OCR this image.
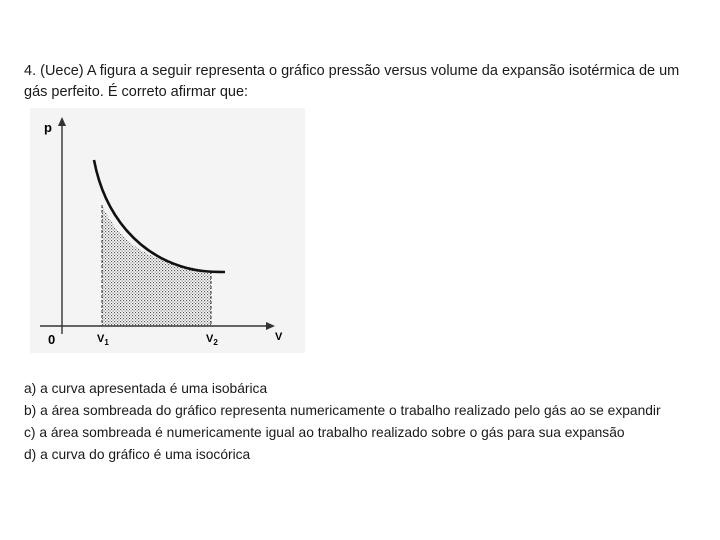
4. (Uece) A figura a seguir representa o gráfico pressão versus volume da expansão isotérmica de um gás perfeito. É correto afirmar que:
p
V
0	$V_1$	$V_2$
a) a curva apresentada é uma isobárica
b) a área sombreada do gráfico representa numericamente o trabalho realizado pelo gás ao se expandir
c) a área sombreada é numericamente igual ao trabalho realizado sobre o gás para sua expansão
d) a curva do gráfico é uma isocórica
